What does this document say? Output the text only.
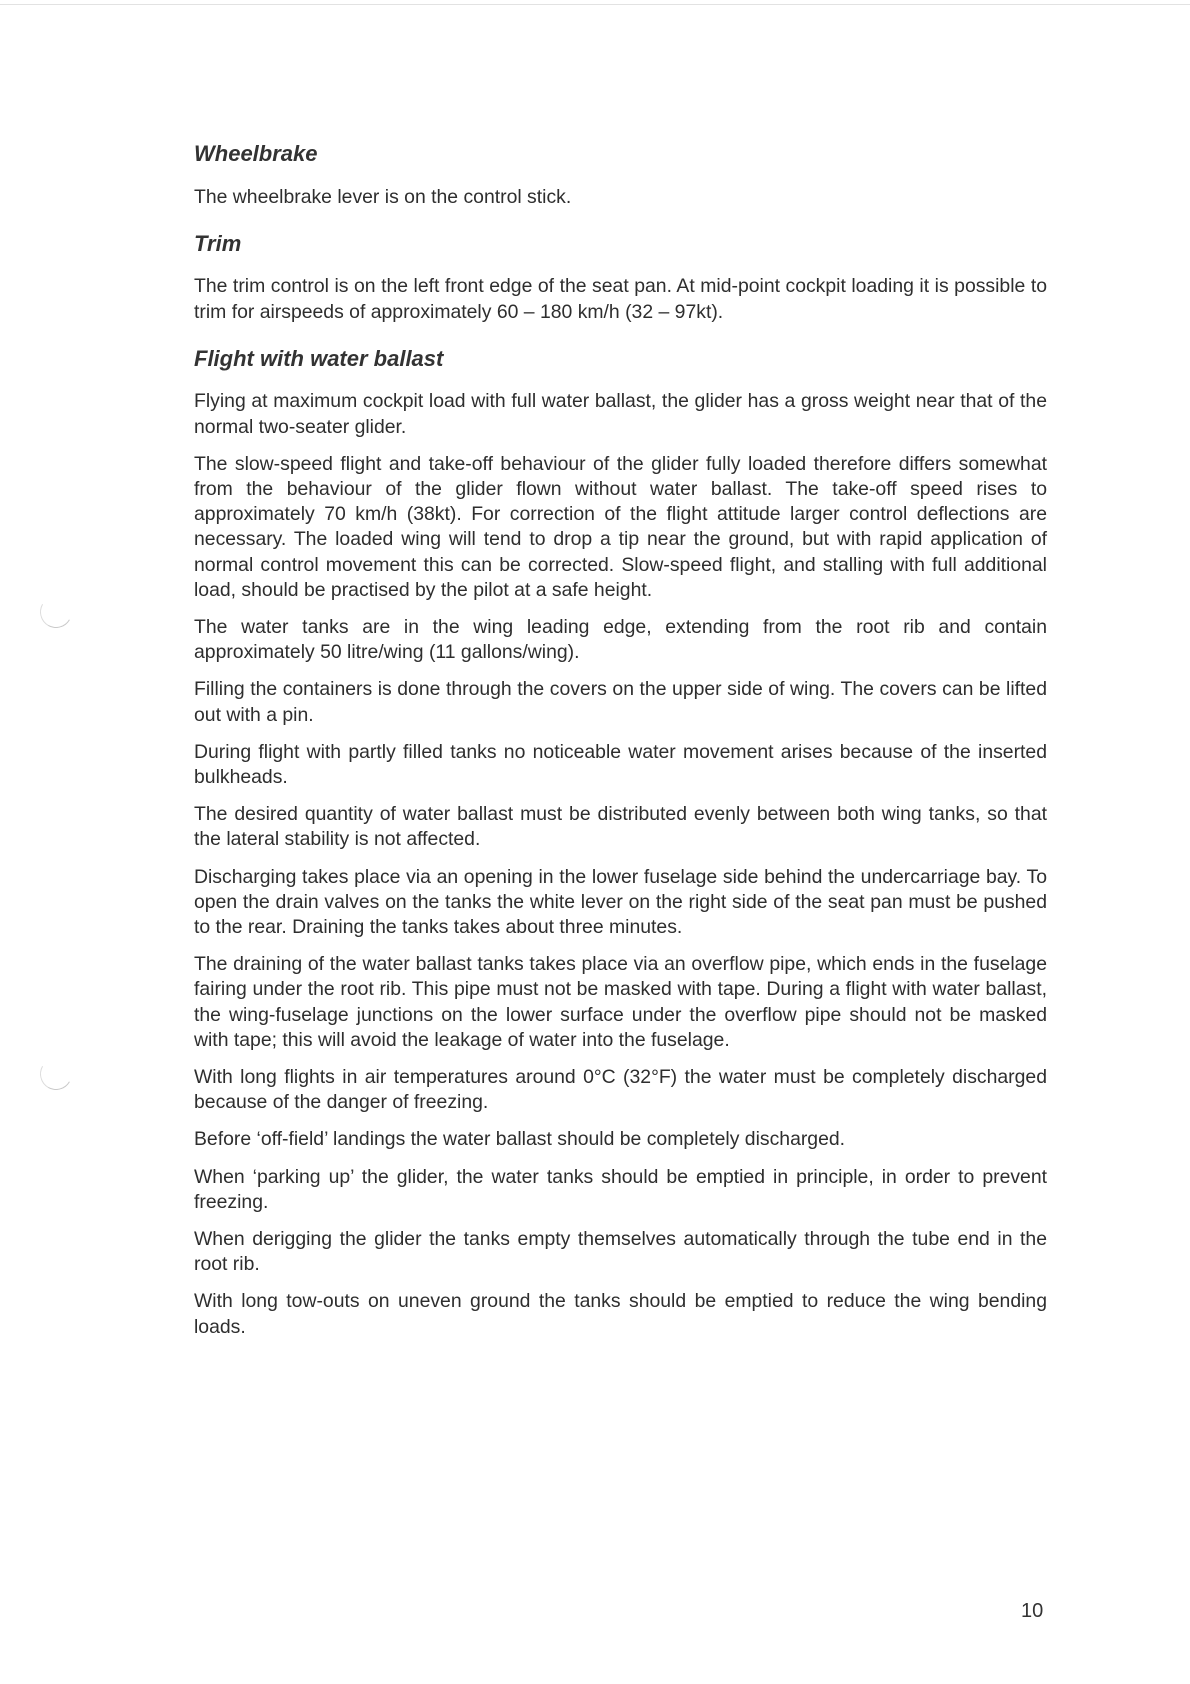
Wheelbrake

The wheelbrake lever is on the control stick.

Trim

The trim control is on the left front edge of the seat pan. At mid-point cockpit loading it is possible to trim for airspeeds of approximately 60 – 180 km/h (32 – 97kt).

Flight with water ballast

Flying at maximum cockpit load with full water ballast, the glider has a gross weight near that of the normal two-seater glider.

The slow-speed flight and take-off behaviour of the glider fully loaded therefore differs somewhat from the behaviour of the glider flown without water ballast. The take-off speed rises to approximately 70 km/h (38kt). For correction of the flight attitude larger control deflections are necessary. The loaded wing will tend to drop a tip near the ground, but with rapid application of normal control movement this can be corrected. Slow-speed flight, and stalling with full additional load, should be practised by the pilot at a safe height.

The water tanks are in the wing leading edge, extending from the root rib and contain approximately 50 litre/wing (11 gallons/wing).

Filling the containers is done through the covers on the upper side of wing. The covers can be lifted out with a pin.

During flight with partly filled tanks no noticeable water movement arises because of the inserted bulkheads.

The desired quantity of water ballast must be distributed evenly between both wing tanks, so that the lateral stability is not affected.

Discharging takes place via an opening in the lower fuselage side behind the undercarriage bay. To open the drain valves on the tanks the white lever on the right side of the seat pan must be pushed to the rear. Draining the tanks takes about three minutes.

The draining of the water ballast tanks takes place via an overflow pipe, which ends in the fuselage fairing under the root rib. This pipe must not be masked with tape. During a flight with water ballast, the wing-fuselage junctions on the lower surface under the overflow pipe should not be masked with tape; this will avoid the leakage of water into the fuselage.

With long flights in air temperatures around 0°C (32°F) the water must be completely discharged because of the danger of freezing.

Before ‘off-field’ landings the water ballast should be completely discharged.

When ‘parking up’ the glider, the water tanks should be emptied in principle, in order to prevent freezing.

When derigging the glider the tanks empty themselves automatically through the tube end in the root rib.

With long tow-outs on uneven ground the tanks should be emptied to reduce the wing bending loads.

10
